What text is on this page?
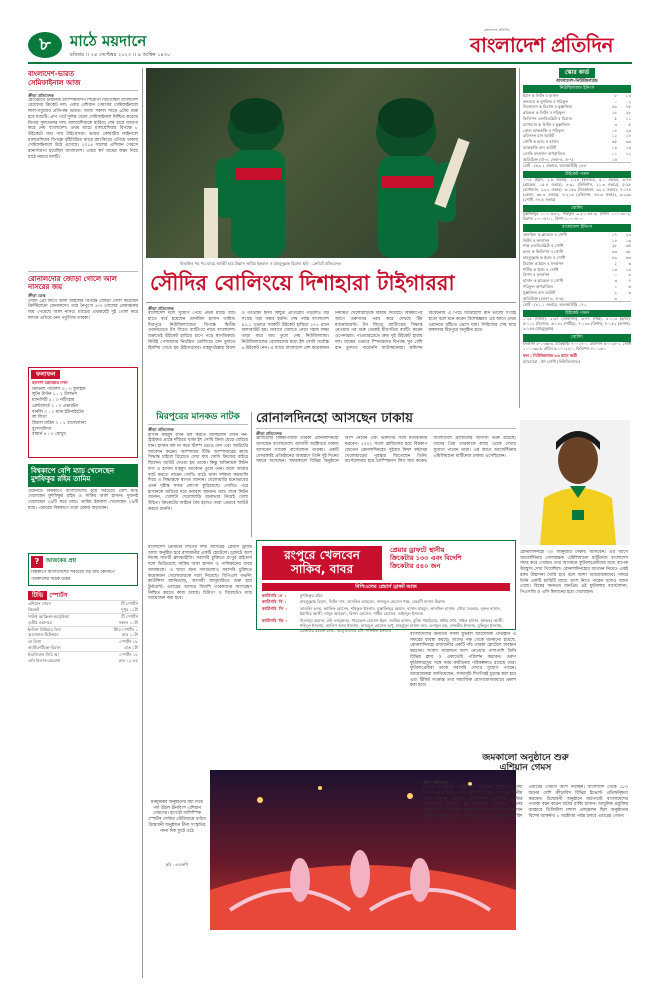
৮	মাঠে ময়দানে
রবিবার ।। ২৪ সেপ্টেম্বর ২০২৩ ।। ৯ আশ্বিন ১৪৩০
বাংলাদেশ প্রতিদিন
বাংলাদেশ প্রতিদিন
বাংলাদেশ-ভারত
সেমিফাইনাল আজ
ক্রীড়া প্রতিবেদক
হেংঝৌতে চায়নিজ চ্যাম্পিয়নশিপ শিরোপা জিতেছিল বাংলাদেশ মেয়েদের ক্রিকেট দল। এবার এশিয়ান গেমসের সেমিফাইনালে লাল-সবুজের প্রতিপক্ষ ভারত। আজ সকাল সাড়ে ৬টায় শুরু হবে ম্যাচটি। গ্রুপ পর্বে দুর্দান্ত খেলে সেমিফাইনাল নিশ্চিত করেছে নিগার সুলতানার দল। মালয়েশিয়াকে হারিয়ে শেষ চারে জায়গা করে নেয় বাংলাদেশ। প্রথম ম্যাচে মালয়েশিয়ার বিপক্ষে ৮ উইকেটে জয় পায় টাইগ্রেসরা। ভারত কোয়ার্টার ফাইনালে মালয়েশিয়ার বিপক্ষে বৃষ্টিবিঘ্নিত ম্যাচে র‍্যাংকিংয়ে এগিয়ে থাকায় সেমিফাইনালে উঠে এসেছে। ২০১৪ সালের এশিয়ান গেমসে রানার্সআপ হয়েছিল বাংলাদেশ। এবার স্বর্ণ জয়ের লক্ষ্য নিয়ে মাঠে নামবে দলটি।
রোনালদোর জোড়া গোলে আল নাসরের জয়
ক্রীড়া ডেস্ক
সৌদি প্রো লিগে আল আহলির বিপক্ষে জোড়া গোল করেছেন ক্রিস্টিয়ানো রোনালদো। তার নৈপুণ্যে ৪-৩ গোলের রোমাঞ্চকর জয় পেয়েছে আল নাসর। ম্যাচের প্রথমার্ধেই দুই গোল করে দলকে এগিয়ে নেন পর্তুগিজ তারকা।
ফলাফল
ইংলিশ প্রিমিয়ার লিগ
ক্রিস্টাল প্যালেস ০ : ০ ফুলহাম
লুটন টাউন ১ : ২ উলভস
ম্যানসিটি ২ : ০ নটিংহাম
ব্রেন্টফোর্ড ১ : ৩ এভারটন
বার্নলি ০ : ১ ম্যান ইউনাইটেড
লা লিগা
রিয়াল মাদ্রিদ ২ : ১ বার্সেলোনা
বুন্দেসলিগা
বায়ার্ন ৪ : ০ বোখুম
বিশ্বকাপে বেশি ম্যাচ খেলেছেন মুশফিকুর রহিম তামিম
ওয়ানডে বিশ্বকাপে বাংলাদেশের হয়ে সবচেয়ে বেশি ম্যাচ খেলেছেন মুশফিকুর রহিম ও সাকিব আল হাসান। দুজনই খেলেছেন ২৯টি করে ম্যাচ। তামিম ইকবাল খেলেছেন ২৯টি ম্যাচ। এবারের বিশ্বকাপে তারা রেকর্ড বাড়াবেন।
?	আজকের প্রশ্ন
বিশ্বকাপে বাংলাদেশের সবচেয়ে বড় জয় কোনটি?
গতকালের সঠিক উত্তর
টিভি	স্পোর্টস
এশিয়ান গেমস	টি স্পোর্টস
ক্রিকেট	দুপুর ১২টা
সাউথ আফ্রিকা-অস্ট্রেলিয়া	টি স্পোর্টস
তৃতীয় ওয়ানডে	সকাল ১০টা
ইংলিশ প্রিমিয়ার লিগ	স্টার স্পোর্টস ১
আর্সেনাল-টটেনহাম	রাত ১০টা
লা লিগা	স্পোর্টস ১৮
অ্যাটলেটিকো-রিয়াল	রাত ১টা
ইতালিয়ান সিরি আ	স্পোর্টস ১৮
এসি মিলান-ভেরোনা	রাত ১২-৪৫
বিতর্কিত পর পর ম্যাচে আউট হয়ে উল্লাস তামিম ইকবাল ও মাহমুদুল্লাহ রিয়াদ। ছবি : ক্রেডিট প্রতিবেদক
সৌদির বোলিংয়ে দিশাহারা টাইগাররা
ক্রীড়া প্রতিবেদক
বাংলাদেশ দলে সুযোগ পেয়ে প্রথম ম্যাচে ব্যাট হাতে ব্যর্থ হয়েছেন তানজিদ হাসান তামিম। মিরপুরে নিউজিল্যান্ডের বিপক্ষে দ্বিতীয় ওয়ানডেতে টস জিতে ব্যাটিংয়ে নামে বাংলাদেশ। শুরুতেই উইকেট হারিয়ে চাপে পড়ে স্বাগতিকরা। কিউই পেসারদের নিয়ন্ত্রিত বোলিংয়ে রান তুলতে হিমশিম খেতে হয় টাইগারদের। মাহমুদউল্লাহ রিয়াদ ও তাওহিদ হৃদয় কিছুটা প্রতিরোধ গড়লেও বড় সংগ্রহ গড়া সম্ভব হয়নি। শেষ পর্যন্ত বাংলাদেশ ৪১.১ ওভারে সবকটি উইকেট হারিয়ে ১৭১ রানে অলআউট হয়। জবাবে খেলতে নেমে সহজ লক্ষ্য তাড়া করে জয় তুলে নেয় নিউজিল্যান্ড। নিউজিল্যান্ডের বোলারদের মধ্যে ইশ সোধি সর্বোচ্চ ৬ উইকেট নেন। এ ম্যাচে বাংলাদেশ বেশ কয়েকজন নিয়মিত খেলোয়াড়কে বিশ্রাম দিয়েছে। বিশ্বকাপের আগে তরুণদের পরখ করে দেখছে টিম ম্যানেজমেন্ট। টস জিতে ব্যাটিংয়ের সিদ্ধান্ত নেওয়ার পর শুরু থেকেই ধীরগতির ব্যাটিং করেন ওপেনাররা। পাওয়ারপ্লেতে দ্রুত দুই উইকেট হারায় দল। মাঝের ওভারে স্পিনারদের বিপক্ষে খুব বেশি রান তুলতে পারেননি ব্যাটসম্যানরা। কন্ডিশন বিবেচনায় এ পিচে আড়াইশো রান ভালো সংগ্রহ হতো বলে মনে করেন বিশেষজ্ঞরা। এর আগে প্রথম ওয়ানডে বৃষ্টিতে ভেসে যায়। সিরিজের শেষ ম্যাচ মঙ্গলবার মিরপুরে অনুষ্ঠিত হবে।
মিরপুরের মানকড নাটক
ক্রীড়া প্রতিবেদক
হাসান মাহমুদ যখন বল করতে যাচ্ছিলেন তখন নন-স্ট্রাইকার প্রান্তে দাঁড়িয়ে থাকা ইশ সোধি ক্রিজ ছেড়ে বেরিয়ে যান। হাসান বল না করে স্টাম্প ভেঙে দেন এবং আউটের আবেদন করেন। আম্পায়ার টিভি আম্পায়ারের কাছে সিদ্ধান্ত চাইলে রিপ্লেতে দেখা যায় সোধি ক্রিজের বাইরে ছিলেন। আউট দেওয়া হয় তাকে। কিন্তু অধিনায়ক লিটন দাস ও হাসান মাহমুদ আবেদন তুলে নেন। ফলে আবার ব্যাট করতে নামেন সোধি। মাঠে থাকা দর্শকরা করতালি দিয়ে এ সিদ্ধান্তকে স্বাগত জানান। খেলোয়াড়ি মনোভাবের এমন দৃষ্টান্ত সবার প্রশংসা কুড়িয়েছে। সোধিও পরে হাসানকে জড়িয়ে ধরে ধন্যবাদ জানান। ম্যাচ শেষে লিটন জানান, খেলাটা খেলোয়াড়ি মনোভাব নিয়েই খেলা উচিত। ক্রিকেটের আইনে বৈধ হলেও তারা এভাবে আউট করতে চাননি।
রোনালদিনহো আসছেন ঢাকায়
ক্রীড়া প্রতিবেদক
ব্রাজিলের বিশ্বকাপজয়ী তারকা রোনালদিনহো আসছেন বাংলাদেশে। আগামী অক্টোবরে ঢাকায় আসবেন সাবেক বার্সেলোনা তারকা। একটি বেসরকারি প্রতিষ্ঠানের আমন্ত্রণে তিনি দুই দিনের সফরে আসছেন। সফরকালে বিভিন্ন অনুষ্ঠানে অংশ নেবেন এবং ভক্তদের সঙ্গে মতবিনিময় করবেন। ২০০২ সালে ব্রাজিলের হয়ে বিশ্বকাপ জেতেন রোনালদিনহো। দুইবার ফিফা বর্ষসেরা খেলোয়াড়ের পুরস্কার জিতেছেন তিনি। বার্সেলোনার হয়ে চ্যাম্পিয়নস লিগ জয় করেন। বাংলাদেশে ব্রাজিলের অসংখ্য ভক্ত রয়েছে। তাদের প্রিয় তারকাকে কাছে থেকে দেখার সুযোগ পাবেন তারা। এর আগে আর্জেন্টিনার এমিলিয়ানো মার্টিনেজ ঢাকায় এসেছিলেন।
রংপুরে খেলবেন
সাকিব, বাবর
প্রেয়ার ড্রাফটে স্থানীয়
ক্রিকেটার ১৩৩ এবং বিদেশি
ক্রিকেটার ৫৪০ জন
বিপিএলের প্লেয়ার্স ড্রাফট আজ
ক্যাটাগরি 'এ' :	মুশফিকুর রহিম
ক্যাটাগরি 'বি' :	মাহমুদুল্লাহ রিয়াদ, লিটন দাস, তাসকিন আহমেদ, নাজমুল হোসেন শান্ত, মেহেদী হাসান মিরাজ
ক্যাটাগরি 'সি' :	তাওহিদ হৃদয়, আফিফ হোসেন, শরিফুল ইসলাম, মুস্তাফিজুর রহমান, হাসান মাহমুদ, তানজিদ হাসান, সৌম্য সরকার, নুরুল হাসান, ইয়াসির আলী, নাসুম আহমেদ, রিশাদ হোসেন, শামীম হোসেন, তাইজুল ইসলাম
ক্যাটাগরি 'ডি' :	মিজানুর রহমান, রনি তালুকদার, পারভেজ হোসেন ইমন, জাকির হাসান, মুনিম শাহরিয়ার, নাঈম শেখ, সাইফ হাসান, আকবর আলী, শহিদুল ইসলাম, আলিস আল ইসলাম, নাজমুল হোসেন অপু, মাহমুদুল হাসান জয়, এনামুল হক, তানভীর ইসলাম, মুকিদুল ইসলাম, রেজাউর রহমান রাজা, আবু হায়দার রনি, শফিউল ইসলাম
বাংলাদেশ প্রিমিয়ার লিগের দশম আসরের প্লেয়ার্স ড্রাফট আজ অনুষ্ঠিত হবে রাজধানীর একটি হোটেলে। ড্রাফটে অংশ নিচ্ছে সাতটি ফ্র্যাঞ্চাইজি। সরাসরি চুক্তিতে রংপুর রাইডার্স দলে ভিড়িয়েছে সাকিব আল হাসান ও পাকিস্তানের বাবর আজমকে। এ ছাড়া অন্য দলগুলোও সরাসরি চুক্তিতে কয়েকজন খেলোয়াড়কে দলে নিয়েছে। বিপিএল গভর্নিং কাউন্সিল জানিয়েছে, আগামী জানুয়ারিতে শুরু হবে টুর্নামেন্ট। এবারের আসরে বিদেশি তারকাদের অংশগ্রহণ নিশ্চিত করতে কাজ চলছে। চিটাগং ও সিলেটেও ম্যাচ আয়োজন করা হবে।
মনমুগ্ধকর অনুষ্ঠানের মধ্য দিয়ে পর্দা উঠল ঊনবিংশ এশিয়ান গেমসের। হাংঝৌ অলিম্পিক স্পোর্টস সেন্টার স্টেডিয়ামে বর্ণাঢ্য উদ্বোধনী অনুষ্ঠানে চীনা সংস্কৃতির নানা দিক ফুটে ওঠে
ছবি : এএফপি
জমকালো অনুষ্ঠানে শুরু
এশিয়ান গেমস
ক্রীড়া প্রতিবেদক
চীনের হাংঝৌতে জমকালো উদ্বোধনী অনুষ্ঠানের মধ্য দিয়ে শুরু হয়েছে ১৯তম এশিয়ান গেমস। গতকাল স্থানীয় সময় সন্ধ্যায় হাংঝৌ অলিম্পিক স্পোর্টস সেন্টার স্টেডিয়ামে অনুষ্ঠিত হয় উদ্বোধনী অনুষ্ঠান। চীনের প্রেসিডেন্ট শি জিনপিং আনুষ্ঠানিকভাবে গেমসের উদ্বোধন ঘোষণা করেন। ৪৫টি দেশের প্রায় ১২ হাজার ক্রীড়াবিদ এবারের গেমসে অংশ নিচ্ছেন। বাংলাদেশ থেকে ১৮০ জনের বেশি ক্রীড়াবিদ বিভিন্ন ইভেন্টে প্রতিদ্বন্দ্বিতা করবেন। উদ্বোধনী অনুষ্ঠানে মার্চপাস্টে বাংলাদেশের পতাকা বহন করেন শুটার রাব্বি হাসান। আধুনিক প্রযুক্তির ব্যবহারে ডিজিটাল মশাল প্রজ্জ্বলন ছিল অনুষ্ঠানের বিশেষ আকর্ষণ। ৮ অক্টোবর পর্যন্ত চলবে এবারের গেমস।
রোনালদিনহো ৩০ জানুয়ারি ঢাকায় আসবেন। এর আগে আর্জেন্টিনার গোলরক্ষক এমিলিয়ানো মার্টিনেজ বাংলাদেশ সফর করে গেছেন। তার আগমনে ফুটবলপ্রেমীদের মধ্যে ব্যাপক উচ্ছ্বাস দেখা গিয়েছিল। রোনালদিনহোর আগমন নিয়েও একই রকম উন্মাদনা তৈরি হবে বলে আশা আয়োজকদের। সফরে তিনি একটি চ্যারিটি ম্যাচে অংশ নিতে পারেন বলেও জানা গেছে। বিশ্বের অন্যতম জনপ্রিয় এই ফুটবলার বার্সেলোনা, পিএসজি ও এসি মিলানের হয়ে খেলেছেন।
বাংলাদেশের অন্যতম সফল ফুটবল আয়োজক প্রতিষ্ঠান এ সফরের ব্যবস্থা করছে। তাদের পক্ষ থেকে জানানো হয়েছে, রোনালদিনহো রাজধানীর একটি পাঁচ তারকা হোটেলে অবস্থান করবেন। সংবাদ সম্মেলনে অংশ নেওয়ার পাশাপাশি তিনি বিভিন্ন ক্লাব ও একাডেমি পরিদর্শন করবেন। তরুণ ফুটবলারদের সঙ্গে সময় কাটানোর পরিকল্পনাও রয়েছে তার। ফুটবলপ্রেমীরা তাকে সরাসরি দেখার সুযোগ পাবেন। আয়োজকরা জানিয়েছেন, সফরসূচি শিগগিরই চূড়ান্ত করা হবে এবং টিকিট সংক্রান্ত তথ্য সামাজিক যোগাযোগমাধ্যমে প্রকাশ করা হবে।
স্কোর কার্ড
বাংলাদেশ-নিউজিল্যান্ড
নিউজিল্যান্ড ইনিংস
ইয়াং ক লিটন ব হাসান	৮	১৩
কনওয়ে ক মুশফিক ব শরিফুল	০	২
নিকোলস ক মিরাজ ব মুস্তাফিজ	৪৯	৭৫
ব্লান্ডেল ক লিটন ব শরিফুল	১৮	২৮
ফিলিপস এলবিডব্লিউ ব মিরাজ	৫	১১
চ্যাপম্যান ক লিটন ব মুস্তাফিজ	৩	৫
কোল ম্যাককঞ্চি ব শরিফুল	১৪	২৩
রবিনসন রান আউট	১২	২৪
সোধি ক হৃদয় ব হাসান	৩৫	৩৯
ম্যাককঞ্চি রান আউট	১৪	১৬
লোকি ফার্গুসন অপরাজিত	১১	১২
অতিরিক্ত (বা-৪, লেবা-৫, ও-৭)	১৬
মোট : (৪৯.২ ওভারে, অলআউট) ২৫৪
উইকেট পতন
১-১৫ (ইয়াং, ২.৬ ওভার), ২-২৪ (কনওয়ে, ৫.১ ওভার), ৩-৭৪ (ব্লান্ডেল, ১৫.৪ ওভার), ৪-৯১ (ফিলিপস, ২১.৩ ওভার), ৫-৯৮ (চ্যাপম্যান, ২৩.২ ওভার), ৬-১৪৩ (নিকোলস, ৩২.২ ওভার), ৭-১৭৫ (কোল, ৩৮.৩ ওভার), ৮-২১৩ (রবিনসন, ৪৪.৬ ওভার), ৯-২৩৯ (সোধি, ৪৭.৫ ওভার)
বোলিং
মুস্তাফিজুর ১০-০-৫৩-২, শরিফুল ৯.২-০-৪৪-৩, হাসান ১০-০-৬১-২, মিরাজ ১০-০-৪৭-১, রিশাদ ১০-০-৪০-০
বাংলাদেশ ইনিংস
তানজিদ ক ব্লান্ডেল ব সোধি	১৭	২৩
লিটন ব ফার্গুসন	১৪	১৩
শান্ত এলবিডব্লিউ ব সোধি	২৮	৩৫
হৃদয় ক ফিলিপস ব সোধি	৩৩	৩৮
মাহমুদুল্লাহ ক ইয়াং ব সোধি	৪৯	৬৩
মিরাজ ক ইয়াং ব ফার্গুসন	২	৬
শামীম ক ইয়াং ব সোধি	১৩	১৯
রিশাদ ব ফার্গুসন	০	৩
হাসান ক ব্লান্ডেল ব সোধি	৩	৭
শরিফুল অপরাজিত	১	৬
মুস্তাফিজ রান আউট	২	৬
অতিরিক্ত (লেবা-৩, ও-৬)	৯
মোট : (৪১.১ ওভারে, অলআউট) ১৭১
উইকেট পতন
১-২৫ (লিটন), ২-৩৭ (তানজিদ), ৩-৭৭ (শান্ত), ৪-১০৩ (হৃদয়), ৫-১১২ (মিরাজ), ৬-১৪২ (শামীম), ৭-১৪৩ (রিশাদ), ৮-১৫২ (হাসান), ৯-১৬৫ (মাহমুদুল্লাহ)
বোলিং
ফার্গুসন ৮-১-৩৬-৩, ম্যাককঞ্চি ৭-০-২৭-০, রবিনসন ৬-০-২৮-০, সোধি ১০-০-৩৯-৬, রাচিন ৬.১-০-২২-০, ফিলিপস ৪-০-১৬-০
ফল : নিউজিল্যান্ড ৮৬ রানে জয়ী
ম্যাচসেরা : ইশ সোধি (নিউজিল্যান্ড)
